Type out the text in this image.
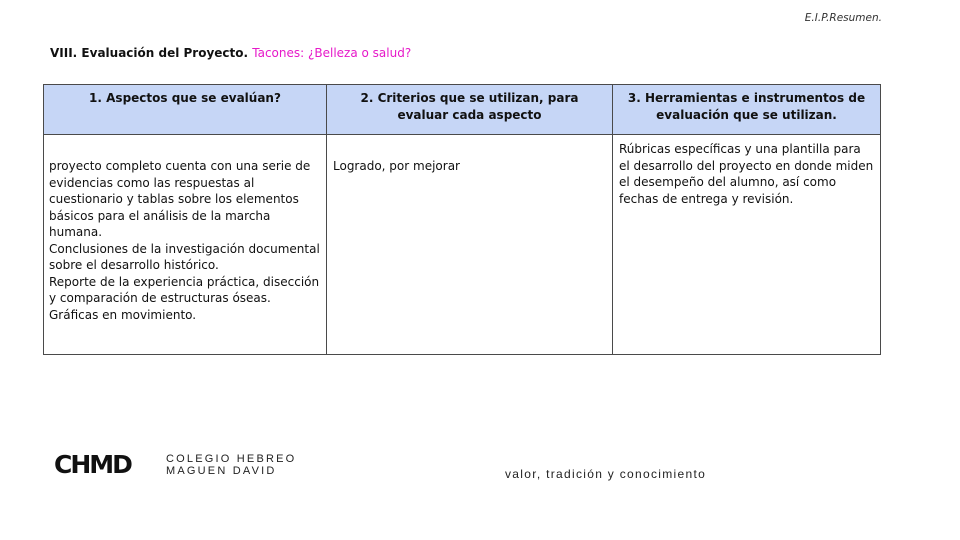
E.I.P.Resumen.
VIII. Evaluación del Proyecto. Tacones: ¿Belleza o salud?
1. Aspectos que se evalúan?	2. Criterios que se utilizan, para evaluar cada aspecto	3. Herramientas e instrumentos de evaluación que se utilizan.

proyecto completo cuenta con una serie de evidencias como las respuestas al cuestionario y tablas sobre los elementos básicos para el análisis de la marcha humana.
Conclusiones de la investigación documental sobre el desarrollo histórico.
Reporte de la experiencia práctica, disección y comparación de estructuras óseas.
Gráficas en movimiento.	Logrado, por mejorar	Rúbricas específicas y una plantilla para el desarrollo del proyecto en donde miden el desempeño del alumno, así como fechas de entrega y revisión.
CHMD	COLEGIO HEBREO
MAGUEN DAVID	valor, tradición y conocimiento
